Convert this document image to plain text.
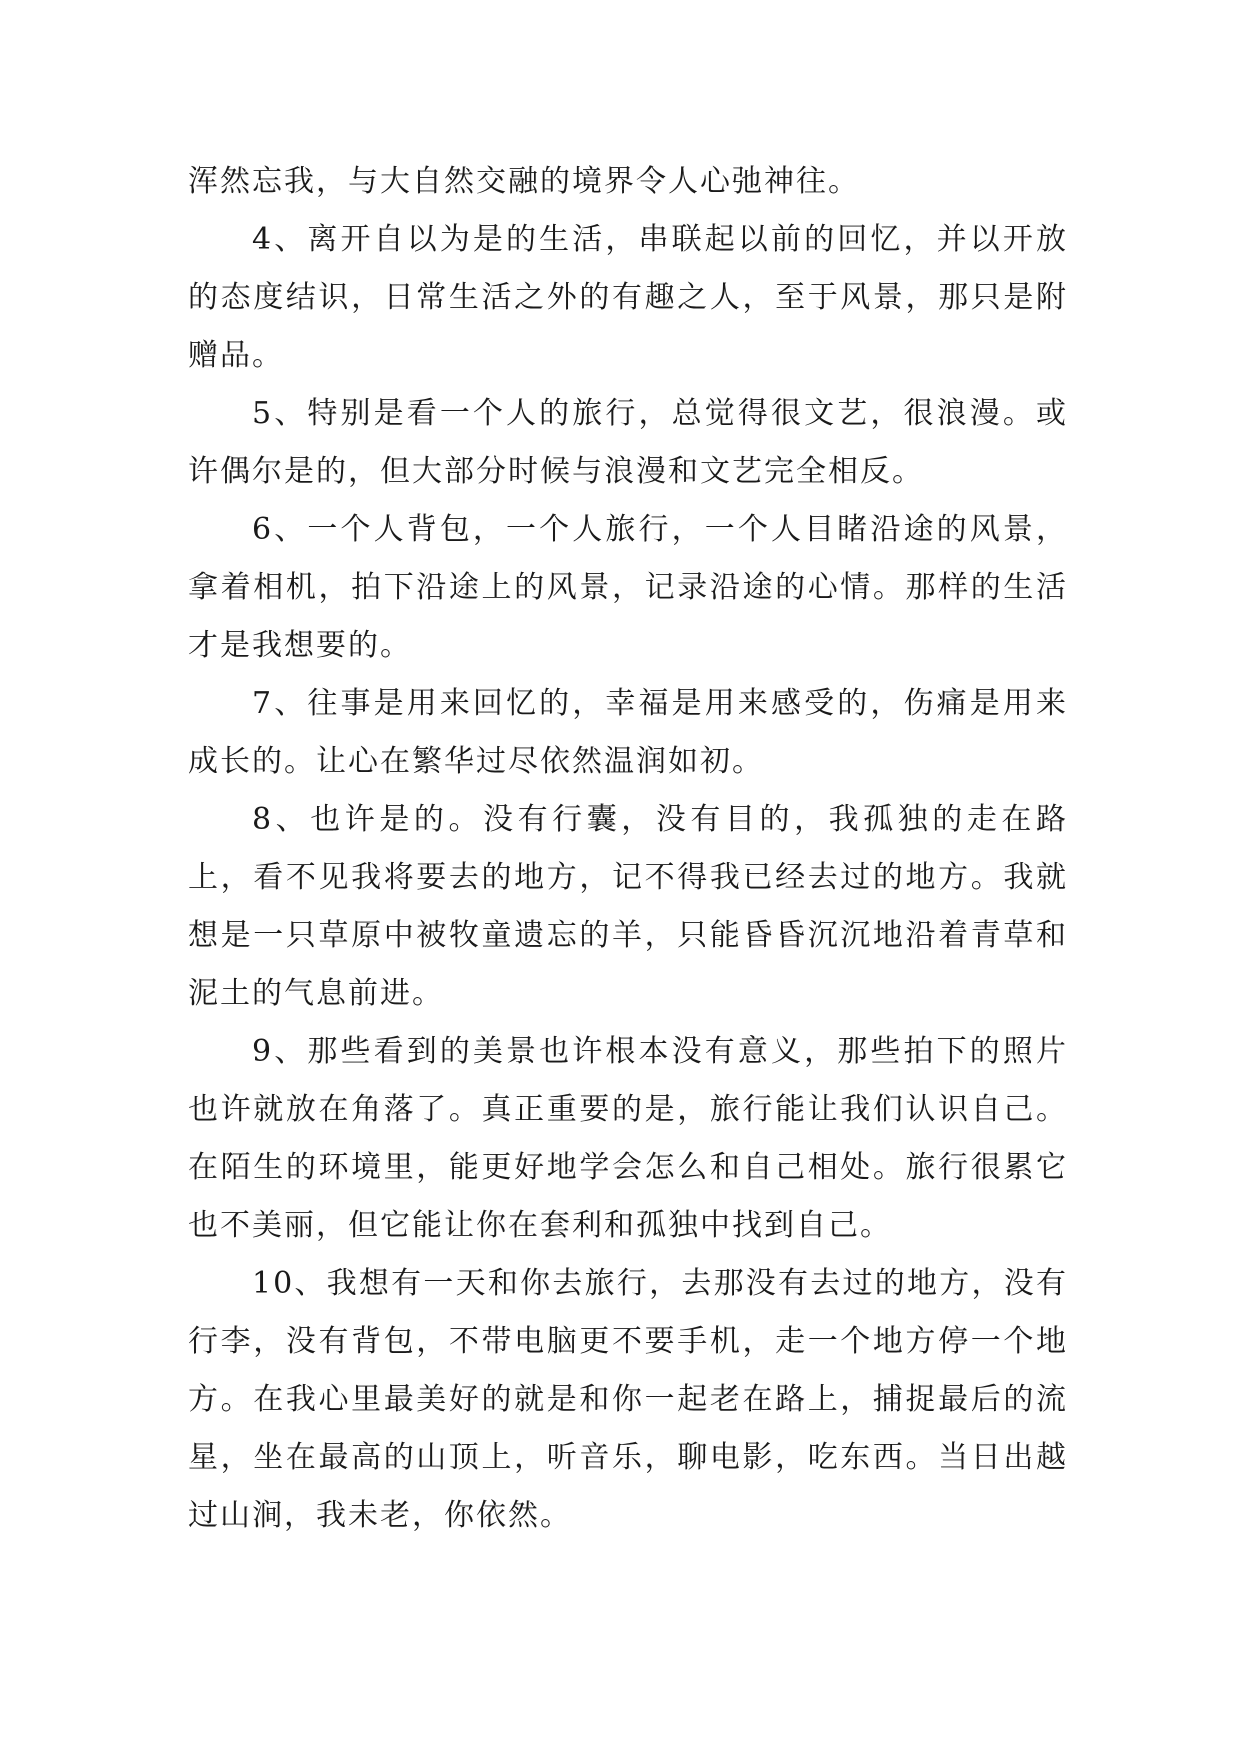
浑然忘我，与大自然交融的境界令人心弛神往。

4、离开自以为是的生活，串联起以前的回忆，并以开放的态度结识，日常生活之外的有趣之人，至于风景，那只是附赠品。

5、特别是看一个人的旅行，总觉得很文艺，很浪漫。或许偶尔是的，但大部分时候与浪漫和文艺完全相反。

6、一个人背包，一个人旅行，一个人目睹沿途的风景，拿着相机，拍下沿途上的风景，记录沿途的心情。那样的生活才是我想要的。

7、往事是用来回忆的，幸福是用来感受的，伤痛是用来成长的。让心在繁华过尽依然温润如初。

8、也许是的。没有行囊，没有目的，我孤独的走在路上，看不见我将要去的地方，记不得我已经去过的地方。我就想是一只草原中被牧童遗忘的羊，只能昏昏沉沉地沿着青草和泥土的气息前进。

9、那些看到的美景也许根本没有意义，那些拍下的照片也许就放在角落了。真正重要的是，旅行能让我们认识自己。在陌生的环境里，能更好地学会怎么和自己相处。旅行很累它也不美丽，但它能让你在套利和孤独中找到自己。

10、我想有一天和你去旅行，去那没有去过的地方，没有行李，没有背包，不带电脑更不要手机，走一个地方停一个地方。在我心里最美好的就是和你一起老在路上，捕捉最后的流星，坐在最高的山顶上，听音乐，聊电影，吃东西。当日出越过山涧，我未老，你依然。
